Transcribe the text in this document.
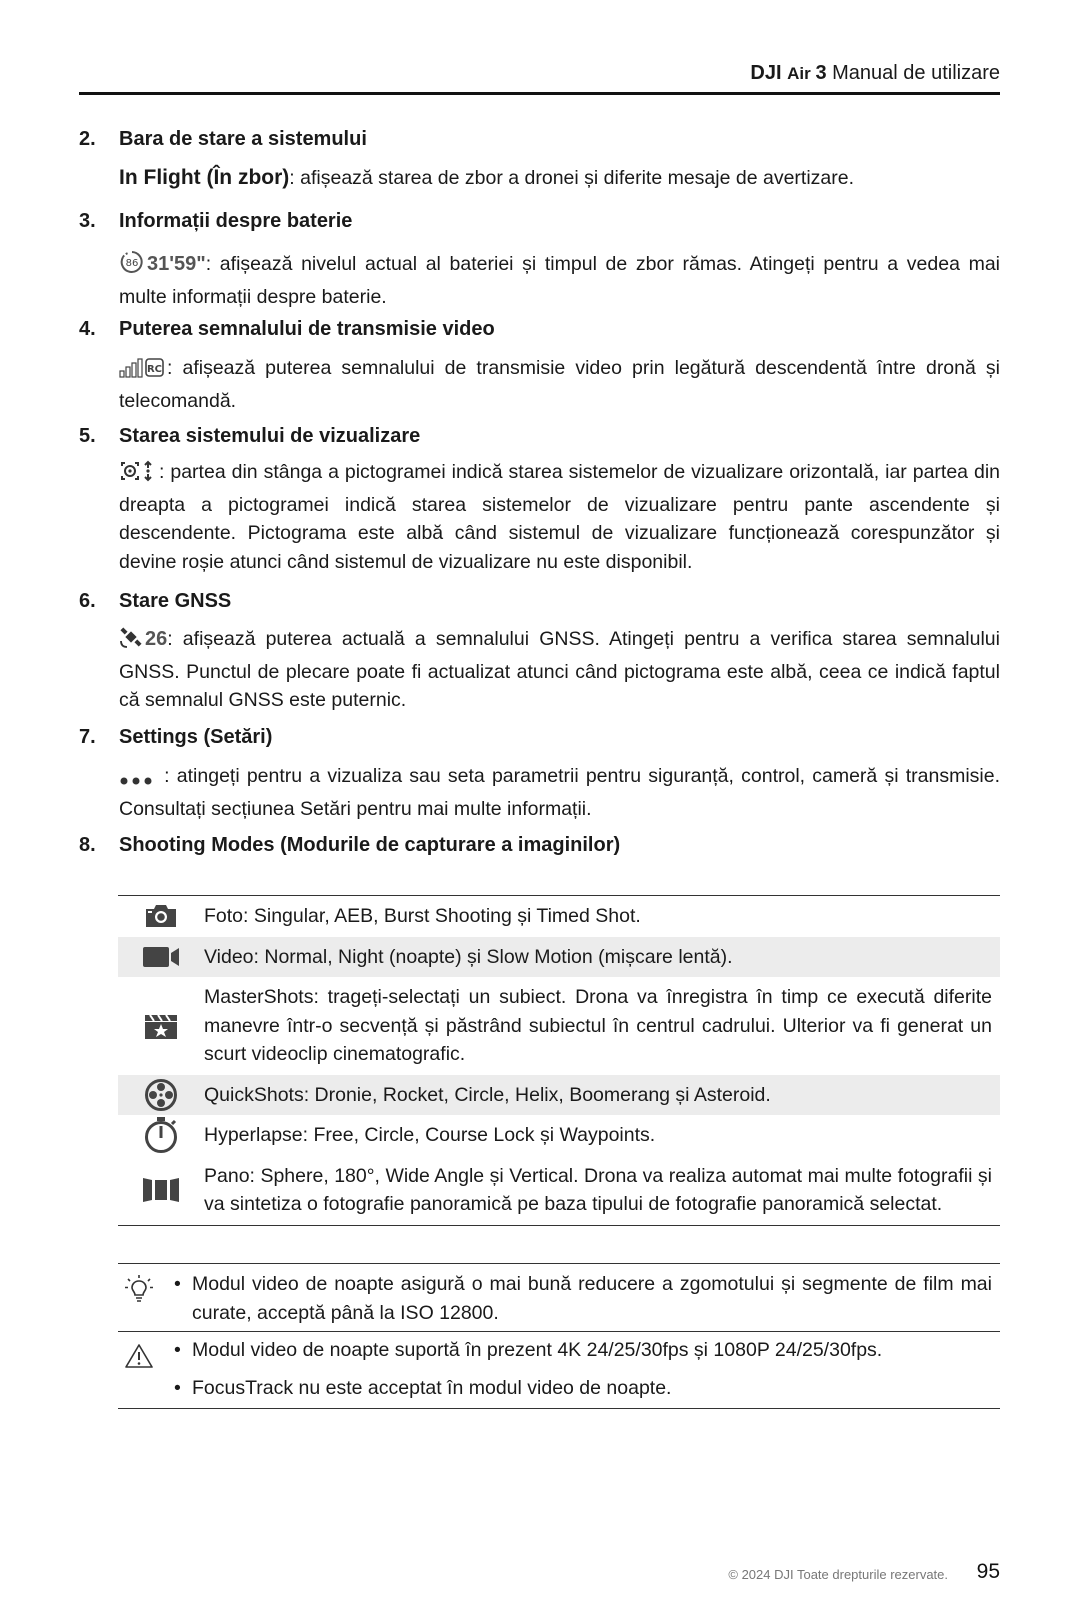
DJI Air 3 Manual de utilizare
2. Bara de stare a sistemului
In Flight (În zbor): afișează starea de zbor a dronei și diferite mesaje de avertizare.
3. Informații despre baterie
86 31'59": afișează nivelul actual al bateriei și timpul de zbor rămas. Atingeți pentru a vedea mai multe informații despre baterie.
4. Puterea semnalului de transmisie video
RC : afișează puterea semnalului de transmisie video prin legătură descendentă între dronă și telecomandă.
5. Starea sistemului de vizualizare
: partea din stânga a pictogramei indică starea sistemelor de vizualizare orizontală, iar partea din dreapta a pictogramei indică starea sistemelor de vizualizare pentru pante ascendente și descendente. Pictograma este albă când sistemul de vizualizare funcționează corespunzător și devine roșie atunci când sistemul de vizualizare nu este disponibil.
6. Stare GNSS
26: afișează puterea actuală a semnalului GNSS. Atingeți pentru a verifica starea semnalului GNSS. Punctul de plecare poate fi actualizat atunci când pictograma este albă, ceea ce indică faptul că semnalul GNSS este puternic.
7. Settings (Setări)
: atingeți pentru a vizualiza sau seta parametrii pentru siguranță, control, cameră și transmisie. Consultați secțiunea Setări pentru mai multe informații.
8. Shooting Modes (Modurile de capturare a imaginilor)
Foto: Singular, AEB, Burst Shooting și Timed Shot.
Video: Normal, Night (noapte) și Slow Motion (mișcare lentă).
MasterShots: trageți-selectați un subiect. Drona va înregistra în timp ce execută diferite manevre într-o secvență și păstrând subiectul în centrul cadrului. Ulterior va fi generat un scurt videoclip cinematografic.
QuickShots: Dronie, Rocket, Circle, Helix, Boomerang și Asteroid.
Hyperlapse: Free, Circle, Course Lock și Waypoints.
Pano: Sphere, 180°, Wide Angle și Vertical. Drona va realiza automat mai multe fotografii și va sintetiza o fotografie panoramică pe baza tipului de fotografie panoramică selectat.
• Modul video de noapte asigură o mai bună reducere a zgomotului și segmente de film mai curate, acceptă până la ISO 12800.
• Modul video de noapte suportă în prezent 4K 24/25/30fps și 1080P 24/25/30fps.
• FocusTrack nu este acceptat în modul video de noapte.
© 2024 DJI Toate drepturile rezervate. 95
